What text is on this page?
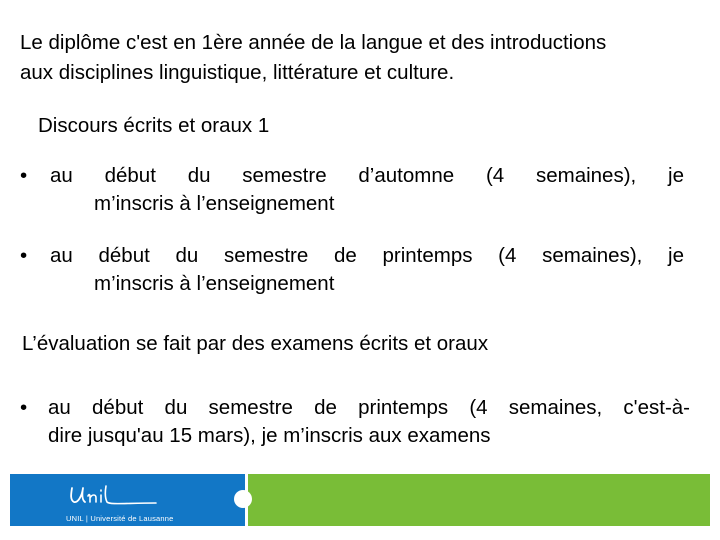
Le diplôme c'est en 1ère année de la langue et des introductions
aux disciplines linguistique, littérature et culture.
Discours écrits et oraux 1
• au début du semestre d’automne (4 semaines), je
m’inscris à l’enseignement
• au début du semestre de printemps (4 semaines), je
m’inscris à l’enseignement
L’évaluation se fait par des examens écrits et oraux
• au début du semestre de printemps (4 semaines, c'est-à-
dire jusqu'au 15 mars), je m’inscris aux examens
UNIL | Université de Lausanne
